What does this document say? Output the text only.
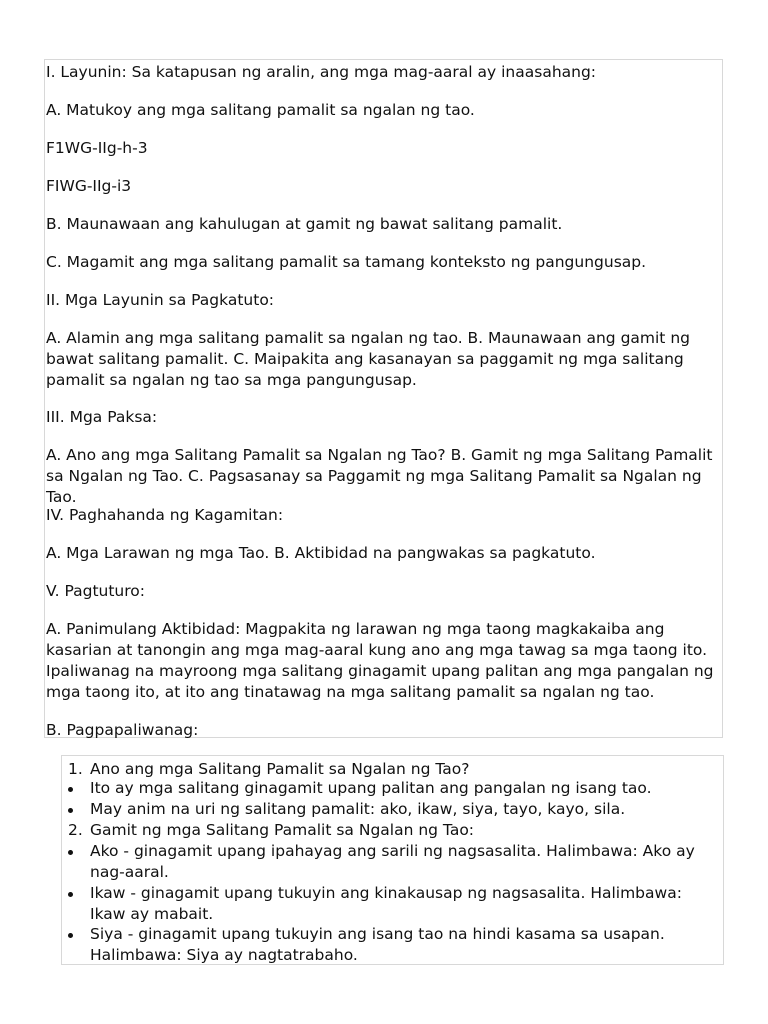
I. Layunin: Sa katapusan ng aralin, ang mga mag-aaral ay inaasahang:

A. Matukoy ang mga salitang pamalit sa ngalan ng tao.

F1WG-IIg-h-3

FIWG-IIg-i3

B. Maunawaan ang kahulugan at gamit ng bawat salitang pamalit.

C. Magamit ang mga salitang pamalit sa tamang konteksto ng pangungusap.

II. Mga Layunin sa Pagkatuto:

A. Alamin ang mga salitang pamalit sa ngalan ng tao. B. Maunawaan ang gamit ng bawat salitang pamalit. C. Maipakita ang kasanayan sa paggamit ng mga salitang pamalit sa ngalan ng tao sa mga pangungusap.

III. Mga Paksa:

A. Ano ang mga Salitang Pamalit sa Ngalan ng Tao? B. Gamit ng mga Salitang Pamalit sa Ngalan ng Tao. C. Pagsasanay sa Paggamit ng mga Salitang Pamalit sa Ngalan ng Tao.

IV. Paghahanda ng Kagamitan:

A. Mga Larawan ng mga Tao. B. Aktibidad na pangwakas sa pagkatuto.

V. Pagtuturo:

A. Panimulang Aktibidad: Magpakita ng larawan ng mga taong magkakaiba ang kasarian at tanongin ang mga mag-aaral kung ano ang mga tawag sa mga taong ito. Ipaliwanag na mayroong mga salitang ginagamit upang palitan ang mga pangalan ng mga taong ito, at ito ang tinatawag na mga salitang pamalit sa ngalan ng tao.

B. Pagpapaliwanag:

1. Ano ang mga Salitang Pamalit sa Ngalan ng Tao?
Ito ay mga salitang ginagamit upang palitan ang pangalan ng isang tao.
May anim na uri ng salitang pamalit: ako, ikaw, siya, tayo, kayo, sila.
2. Gamit ng mga Salitang Pamalit sa Ngalan ng Tao:
Ako - ginagamit upang ipahayag ang sarili ng nagsasalita. Halimbawa: Ako ay nag-aaral.
Ikaw - ginagamit upang tukuyin ang kinakausap ng nagsasalita. Halimbawa: Ikaw ay mabait.
Siya - ginagamit upang tukuyin ang isang tao na hindi kasama sa usapan. Halimbawa: Siya ay nagtatrabaho.
